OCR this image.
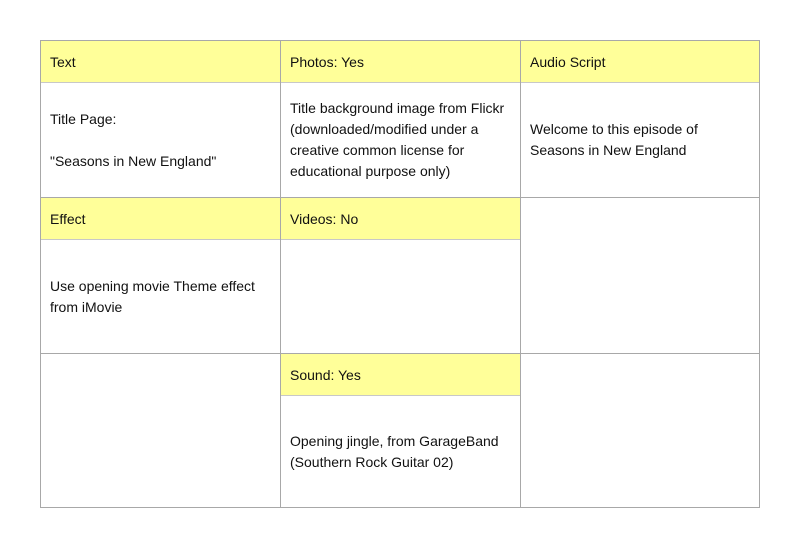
Text
Title Page:
"Seasons in New England"
Effect
Use opening movie Theme effect
from iMovie
Photos: Yes
Title background image from Flickr
(downloaded/modified under a
creative common license for
educational purpose only)
Videos: No
Sound: Yes
Opening jingle, from GarageBand
(Southern Rock Guitar 02)
Audio Script
Welcome to this episode of
Seasons in New England
